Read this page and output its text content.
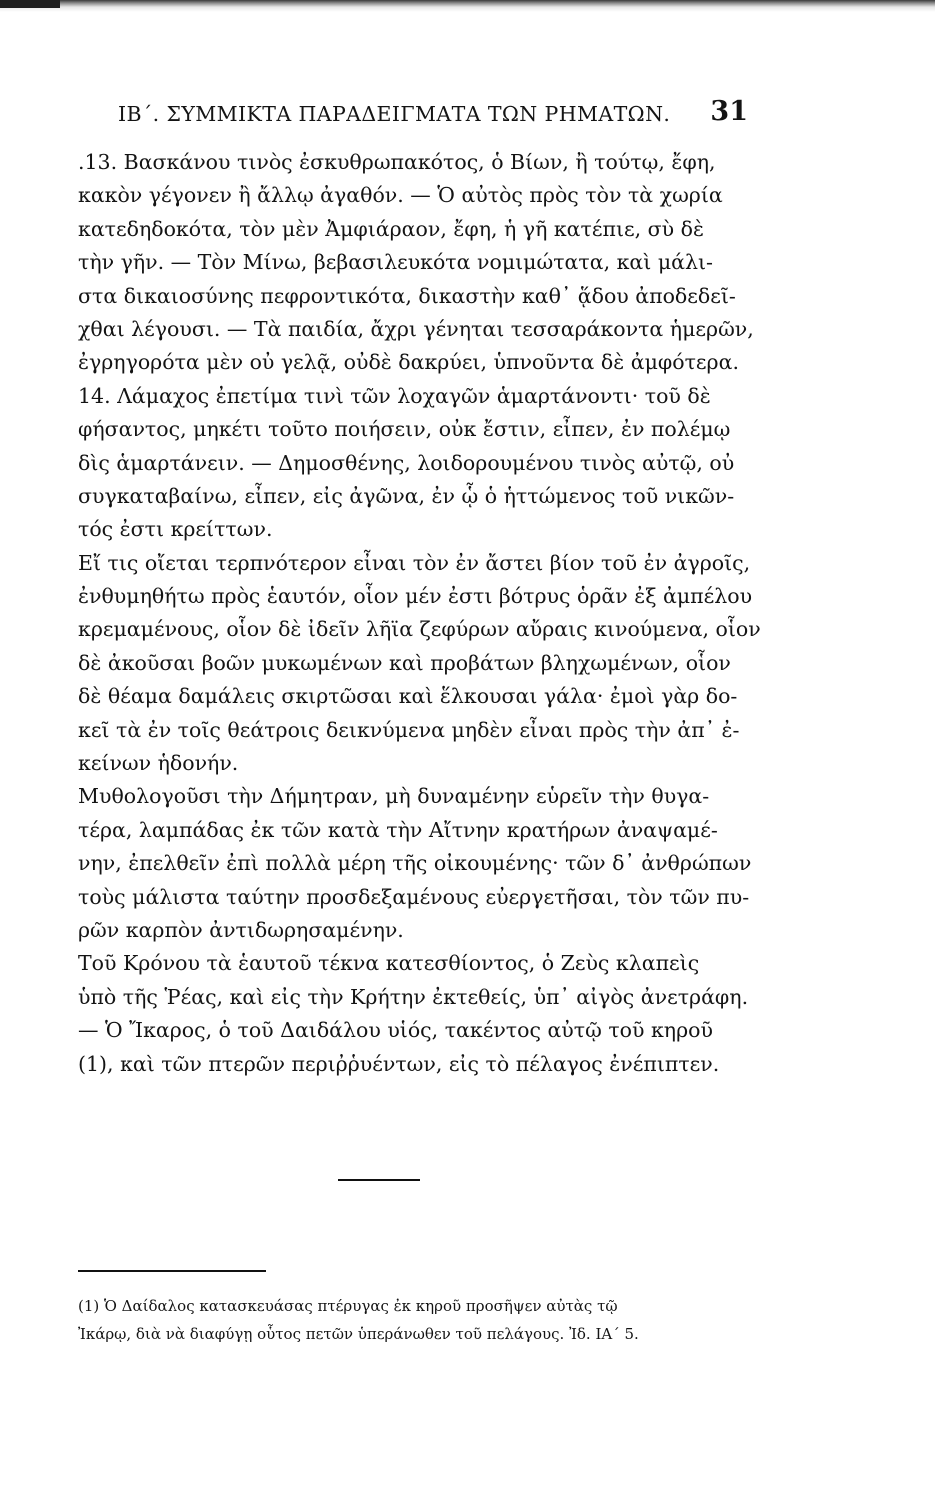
ΙΒ΄. ΣΥΜΜΙΚΤΑ ΠΑΡΑΔΕΙΓΜΑΤΑ ΤΩΝ ΡΗΜΑΤΩΝ. 31
.13. Βασκάνου τινὸς ἐσκυθρωπακότος, ὁ Βίων, ἢ τούτῳ, ἔφη,
κακὸν γέγονεν ἢ ἄλλῳ ἀγαθόν. — Ὁ αὐτὸς πρὸς τὸν τὰ χωρία
κατεδηδοκότα, τὸν μὲν Ἀμφιάραον, ἔφη, ἡ γῆ κατέπιε, σὺ δὲ
τὴν γῆν. — Τὸν Μίνω, βεβασιλευκότα νομιμώτατα, καὶ μάλι-
στα δικαιοσύνης πεφροντικότα, δικαστὴν καθ᾽ ᾅδου ἀποδεδεῖ-
χθαι λέγουσι. — Τὰ παιδία, ἄχρι γένηται τεσσαράκοντα ἡμερῶν,
ἐγρηγορότα μὲν οὐ γελᾷ, οὐδὲ δακρύει, ὑπνοῦντα δὲ ἀμφότερα.
14. Λάμαχος ἐπετίμα τινὶ τῶν λοχαγῶν ἁμαρτάνοντι· τοῦ δὲ
φήσαντος, μηκέτι τοῦτο ποιήσειν, οὐκ ἔστιν, εἶπεν, ἐν πολέμῳ
δὶς ἁμαρτάνειν. — Δημοσθένης, λοιδορουμένου τινὸς αὐτῷ, οὐ
συγκαταβαίνω, εἶπεν, εἰς ἀγῶνα, ἐν ᾧ ὁ ἡττώμενος τοῦ νικῶν-
τός ἐστι κρείττων.
Εἴ τις οἴεται τερπνότερον εἶναι τὸν ἐν ἄστει βίον τοῦ ἐν ἀγροῖς,
ἐνθυμηθήτω πρὸς ἑαυτόν, οἷον μέν ἐστι βότρυς ὁρᾶν ἐξ ἀμπέλου
κρεμαμένους, οἷον δὲ ἰδεῖν λῆϊα ζεφύρων αὔραις κινούμενα, οἷον
δὲ ἀκοῦσαι βοῶν μυκωμένων καὶ προβάτων βληχωμένων, οἷον
δὲ θέαμα δαμάλεις σκιρτῶσαι καὶ ἕλκουσαι γάλα· ἐμοὶ γὰρ δο-
κεῖ τὰ ἐν τοῖς θεάτροις δεικνύμενα μηδὲν εἶναι πρὸς τὴν ἀπ᾽ ἐ-
κείνων ἡδονήν.
Μυθολογοῦσι τὴν Δήμητραν, μὴ δυναμένην εὑρεῖν τὴν θυγα-
τέρα, λαμπάδας ἐκ τῶν κατὰ τὴν Αἴτνην κρατήρων ἀναψαμέ-
νην, ἐπελθεῖν ἐπὶ πολλὰ μέρη τῆς οἰκουμένης· τῶν δ᾽ ἀνθρώπων
τοὺς μάλιστα ταύτην προσδεξαμένους εὐεργετῆσαι, τὸν τῶν πυ-
ρῶν καρπὸν ἀντιδωρησαμένην.
Τοῦ Κρόνου τὰ ἑαυτοῦ τέκνα κατεσθίοντος, ὁ Ζεὺς κλαπεὶς
ὑπὸ τῆς Ῥέας, καὶ εἰς τὴν Κρήτην ἐκτεθείς, ὑπ᾽ αἰγὸς ἀνετράφη.
— Ὁ Ἴκαρος, ὁ τοῦ Δαιδάλου υἱός, τακέντος αὐτῷ τοῦ κηροῦ
(1), καὶ τῶν πτερῶν περιῤῥυέντων, εἰς τὸ πέλαγος ἐνέπιπτεν.
(1) Ὁ Δαίδαλος κατασκευάσας πτέρυγας ἐκ κηροῦ προσῆψεν αὐτὰς τῷ
Ἰκάρῳ, διὰ νὰ διαφύγῃ οὗτος πετῶν ὑπεράνωθεν τοῦ πελάγους. Ἰδ. ΙΑ΄ 5.
